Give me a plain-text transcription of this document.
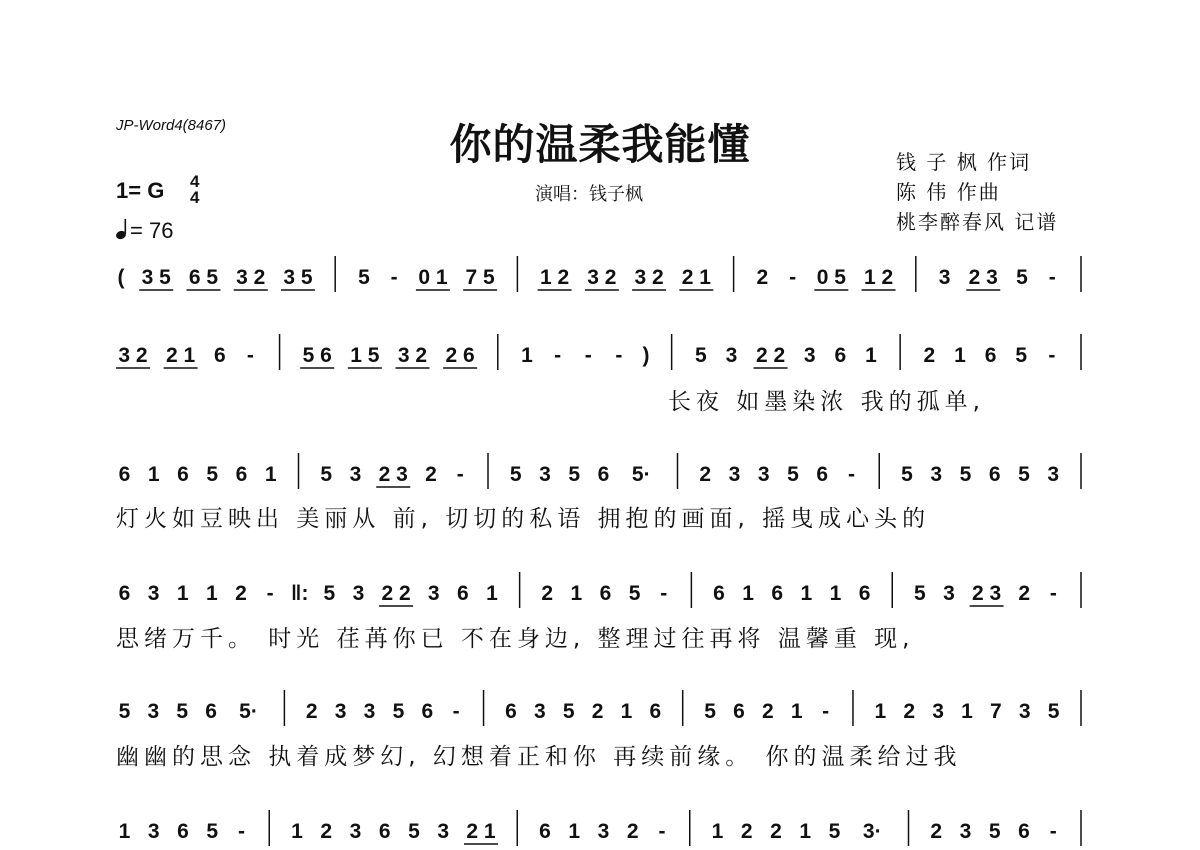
JP-Word4(8467)	你的温柔我能懂
演唱：钱子枫
钱 子 枫 作词
陈 伟 作曲
桃李醉春风 记谱
1= G 4
4
= 76
( 3 5 6 5 3 2 3 5 5 - 0 1 7 5 1 2 3 2 3 2 2 1 2 - 0 5 1 2 3 2 3 5 -
3 2 2 1 6 - 5 6 1 5 3 2 2 6 1 - - - ) 5 3 2 2 3 6 1 2 1 6 5 -
6 1 6 5 6 1 5 3 2 3 2 - 5 3 5 6 5· 2 3 3 5 6 - 5 3 5 6 5 3
6 3 1 1 2 - ‖: 5 3 2 2 3 6 1 2 1 6 5 - 6 1 6 1 1 6 5 3 2 3 2 -
5 3 5 6 5· 2 3 3 5 6 - 6 3 5 2 1 6 5 6 2 1 - 1 2 3 1 7 3 5
1 3 6 5 - 1 2 3 6 5 3 2 1 6 1 3 2 - 1 2 2 1 5 3· 2 3 5 6 -
长夜 如墨染浓 我的孤单,
灯火如豆映出 美丽从 前, 切切的私语 拥抱的画面, 摇曳成心头的
思绪万千。 时光 荏苒你已 不在身边, 整理过往再将 温馨重 现,
幽幽的思念 执着成梦幻, 幻想着正和你 再续前缘。 你的温柔给过我
